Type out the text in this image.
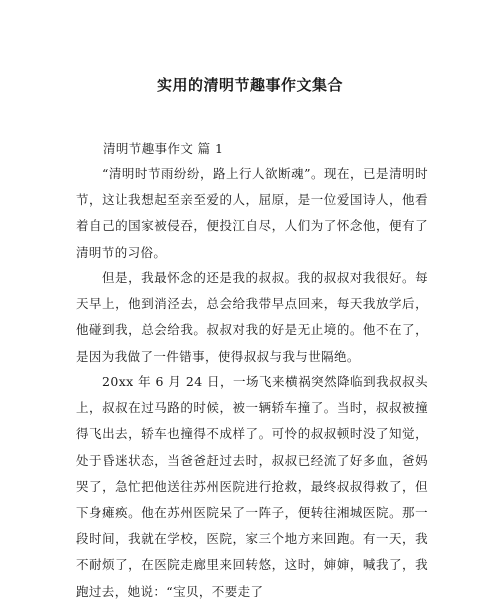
实用的清明节趣事作文集合
清明节趣事作文 篇 1

“清明时节雨纷纷，路上行人欲断魂”。现在，已是清明时节，这让我想起至亲至爱的人，屈原，是一位爱国诗人，他看着自己的国家被侵吞，便投江自尽，人们为了怀念他，便有了清明节的习俗。

但是，我最怀念的还是我的叔叔。我的叔叔对我很好。每天早上，他到消泾去，总会给我带早点回来，每天我放学后，他碰到我，总会给我。叔叔对我的好是无止境的。他不在了，是因为我做了一件错事，使得叔叔与我与世隔绝。

20xx 年 6 月 24 日，一场飞来横祸突然降临到我叔叔头上，叔叔在过马路的时候，被一辆轿车撞了。当时，叔叔被撞得飞出去，轿车也撞得不成样了。可怜的叔叔顿时没了知觉，处于昏迷状态，当爸爸赶过去时，叔叔已经流了好多血，爸妈哭了，急忙把他送往苏州医院进行抢救，最终叔叔得救了，但下身瘫痪。他在苏州医院呆了一阵子，便转往湘城医院。那一段时间，我就在学校，医院，家三个地方来回跑。有一天，我不耐烦了，在医院走廊里来回转悠，这时，婶婶，喊我了，我跑过去，她说：“宝贝，不要走了
